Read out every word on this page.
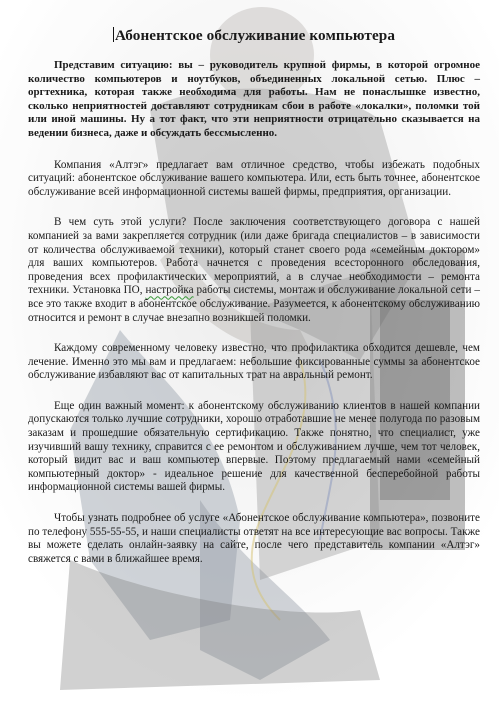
Абонентское обслуживание компьютера

Представим ситуацию: вы – руководитель крупной фирмы, в которой огромное количество компьютеров и ноутбуков, объединенных локальной сетью. Плюс – оргтехника, которая также необходима для работы. Нам не понаслышке известно, сколько неприятностей доставляют сотрудникам сбои в работе «локалки», поломки той или иной машины. Ну а тот факт, что эти неприятности отрицательно сказывается на ведении бизнеса, даже и обсуждать бессмысленно.

Компания «Алтэг» предлагает вам отличное средство, чтобы избежать подобных ситуаций: абонентское обслуживание вашего компьютера. Или, есть быть точнее, абонентское обслуживание всей информационной системы вашей фирмы, предприятия, организации.

В чем суть этой услуги? После заключения соответствующего договора с нашей компанией за вами закрепляется сотрудник (или даже бригада специалистов – в зависимости от количества обслуживаемой техники), который станет своего рода «семейным доктором» для ваших компьютеров. Работа начнется с проведения всесторонного обследования, проведения всех профилактических мероприятий, а в случае необходимости – ремонта техники. Установка ПО, настройка работы системы, монтаж и обслуживание локальной сети – все это также входит в абонентское обслуживание. Разумеется, к абонентскому обслуживанию относится и ремонт в случае внезапно возникшей поломки.

Каждому современному человеку известно, что профилактика обходится дешевле, чем лечение. Именно это мы вам и предлагаем: небольшие фиксированные суммы за абонентское обслуживание избавляют вас от капитальных трат на авральный ремонт.

Еще один важный момент: к абонентскому обслуживанию клиентов в нашей компании допускаются только лучшие сотрудники, хорошо отработавшие не менее полугода по разовым заказам и прошедшие обязательную сертификацию. Также понятно, что специалист, уже изучивший вашу технику, справится с ее ремонтом и обслуживанием лучше, чем тот человек, который видит вас и ваш компьютер впервые. Поэтому предлагаемый нами «семейный компьютерный доктор» - идеальное решение для качественной бесперебойной работы информационной системы вашей фирмы.

Чтобы узнать подробнее об услуге «Абонентское обслуживание компьютера», позвоните по телефону 555-55-55, и наши специалисты ответят на все интересующие вас вопросы. Также вы можете сделать онлайн-заявку на сайте, после чего представитель компании «Алтэг» свяжется с вами в ближайшее время.
